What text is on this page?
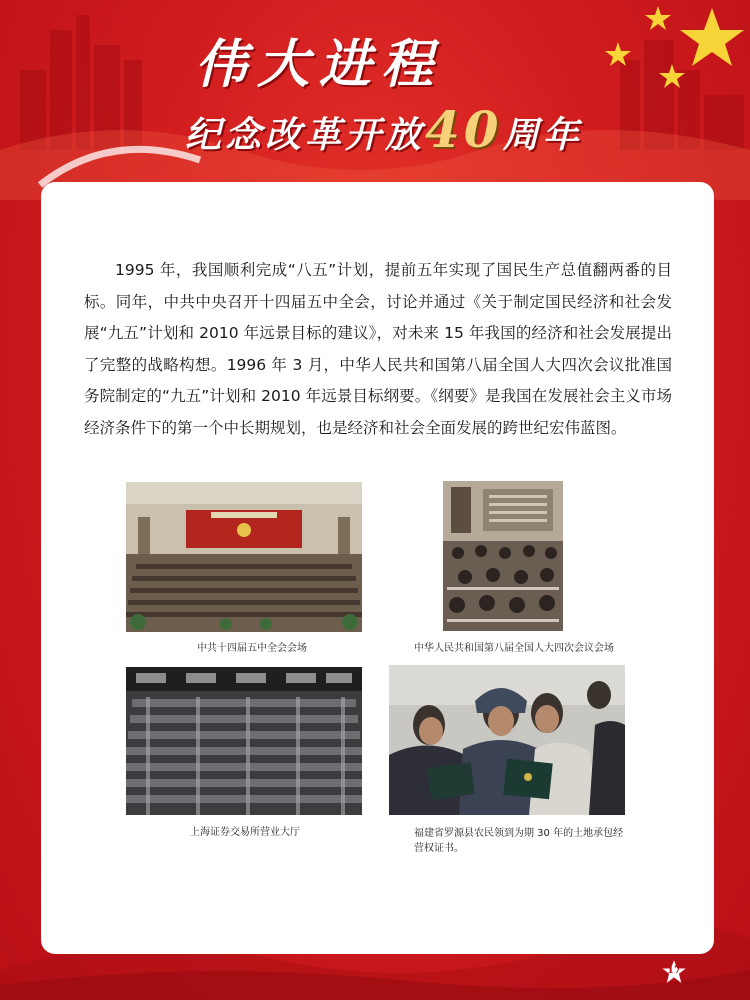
伟大进程
纪念改革开放40周年

1995 年，我国顺利完成“八五”计划，提前五年实现了国民生产总值翻两番的目标。同年，中共中央召开十四届五中全会，讨论并通过《关于制定国民经济和社会发展“九五”计划和 2010 年远景目标的建议》，对未来 15 年我国的经济和社会发展提出了完整的战略构想。1996 年 3 月，中华人民共和国第八届全国人大四次会议批准国务院制定的“九五”计划和 2010 年远景目标纲要。《纲要》是我国在发展社会主义市场经济条件下的第一个中长期规划，也是经济和社会全面发展的跨世纪宏伟蓝图。

中共十四届五中全会会场	中华人民共和国第八届全国人大四次会议会场
上海证券交易所营业大厅	福建省罗源县农民领到为期 30 年的土地承包经营权证书。
17
